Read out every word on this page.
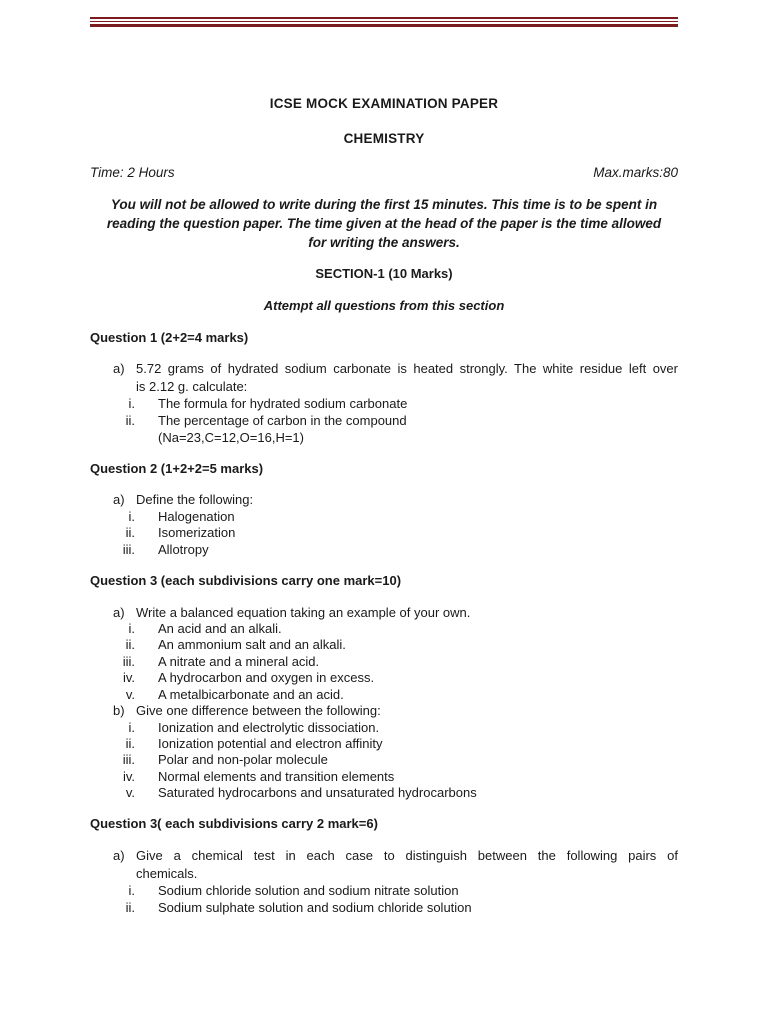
ICSE MOCK EXAMINATION PAPER
CHEMISTRY
Time: 2 Hours	Max.marks:80
You will not be allowed to write during the first 15 minutes. This time is to be spent in
reading the question paper. The time given at the head of the paper is the time allowed
for writing the answers.
SECTION-1 (10 Marks)
Attempt all questions from this section
Question 1 (2+2=4 marks)
a) 5.72 grams of hydrated sodium carbonate is heated strongly. The white residue left over
is 2.12 g. calculate:
i. The formula for hydrated sodium carbonate
ii. The percentage of carbon in the compound
(Na=23,C=12,O=16,H=1)
Question 2 (1+2+2=5 marks)
a) Define the following:
i. Halogenation
ii. Isomerization
iii. Allotropy
Question 3 (each subdivisions carry one mark=10)
a) Write a balanced equation taking an example of your own.
i. An acid and an alkali.
ii. An ammonium salt and an alkali.
iii. A nitrate and a mineral acid.
iv. A hydrocarbon and oxygen in excess.
v. A metalbicarbonate and an acid.
b) Give one difference between the following:
i. Ionization and electrolytic dissociation.
ii. Ionization potential and electron affinity
iii. Polar and non-polar molecule
iv. Normal elements and transition elements
v. Saturated hydrocarbons and unsaturated hydrocarbons
Question 3( each subdivisions carry 2 mark=6)
a) Give a chemical test in each case to distinguish between the following pairs of
chemicals.
i. Sodium chloride solution and sodium nitrate solution
ii. Sodium sulphate solution and sodium chloride solution
